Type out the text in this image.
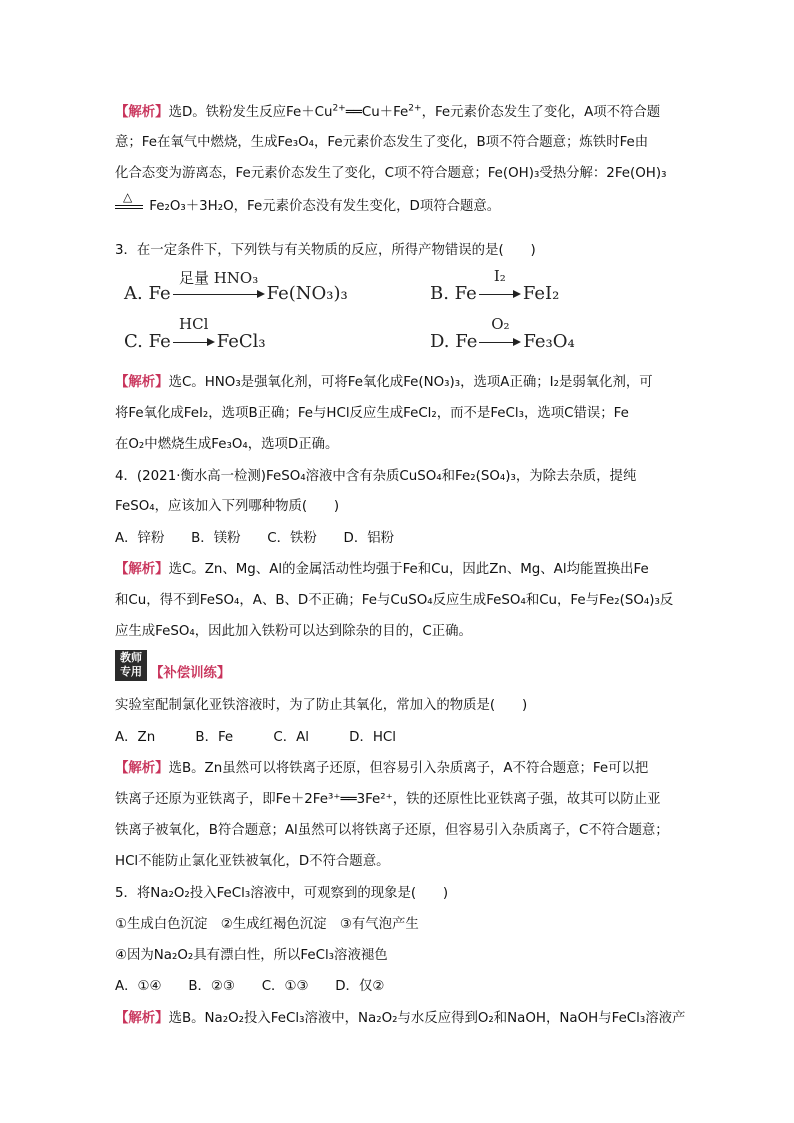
【解析】选D。铁粉发生反应$Fe+Cu^{2+}══Cu+Fe^{2+}$，Fe元素价态发生了变化，A项不符合题
意；Fe在氧气中燃烧，生成Fe₃O₄，Fe元素价态发生了变化，B项不符合题意；炼铁时Fe由
化合态变为游离态，Fe元素价态发生了变化，C项不符合题意；Fe(OH)₃受热分解：2Fe(OH)₃
△
Fe₂O₃＋3H₂O，Fe元素价态没有发生变化，D项符合题意。
3．在一定条件下，下列铁与有关物质的反应，所得产物错误的是(　　)
A. Fe
足量 HNO₃
Fe(NO₃)₃	B. Fe
I₂
FeI₂
C. Fe
HCl
FeCl₃	D. Fe
O₂
Fe₃O₄
【解析】选C。HNO₃是强氧化剂，可将Fe氧化成Fe(NO₃)₃，选项A正确；I₂是弱氧化剂，可
将Fe氧化成FeI₂，选项B正确；Fe与HCl反应生成FeCl₂，而不是FeCl₃，选项C错误；Fe
在O₂中燃烧生成Fe₃O₄，选项D正确。
4．(2021·衡水高一检测)FeSO₄溶液中含有杂质CuSO₄和Fe₂(SO₄)₃，为除去杂质，提纯
FeSO₄，应该加入下列哪种物质(　　)
A．锌粉　　B．镁粉　　C．铁粉　　D．铝粉
【解析】选C。Zn、Mg、Al的金属活动性均强于Fe和Cu，因此Zn、Mg、Al均能置换出Fe
和Cu，得不到FeSO₄，A、B、D不正确；Fe与CuSO₄反应生成FeSO₄和Cu，Fe与Fe₂(SO₄)₃反
应生成FeSO₄，因此加入铁粉可以达到除杂的目的，C正确。
教师专用 【补偿训练】
实验室配制氯化亚铁溶液时，为了防止其氧化，常加入的物质是(　　)
A．Zn　　　B．Fe　　　C．Al　　　D．HCl
【解析】选B。Zn虽然可以将铁离子还原，但容易引入杂质离子，A不符合题意；Fe可以把
铁离子还原为亚铁离子，即Fe＋2Fe³⁺══3Fe²⁺，铁的还原性比亚铁离子强，故其可以防止亚
铁离子被氧化，B符合题意；Al虽然可以将铁离子还原，但容易引入杂质离子，C不符合题意；
HCl不能防止氯化亚铁被氧化，D不符合题意。
5．将Na₂O₂投入FeCl₃溶液中，可观察到的现象是(　　)
①生成白色沉淀　②生成红褐色沉淀　③有气泡产生
④因为Na₂O₂具有漂白性，所以FeCl₃溶液褪色
A．①④　　B．②③　　C．①③　　D．仅②
【解析】选B。Na₂O₂投入FeCl₃溶液中，Na₂O₂与水反应得到O₂和NaOH，NaOH与FeCl₃溶液产
